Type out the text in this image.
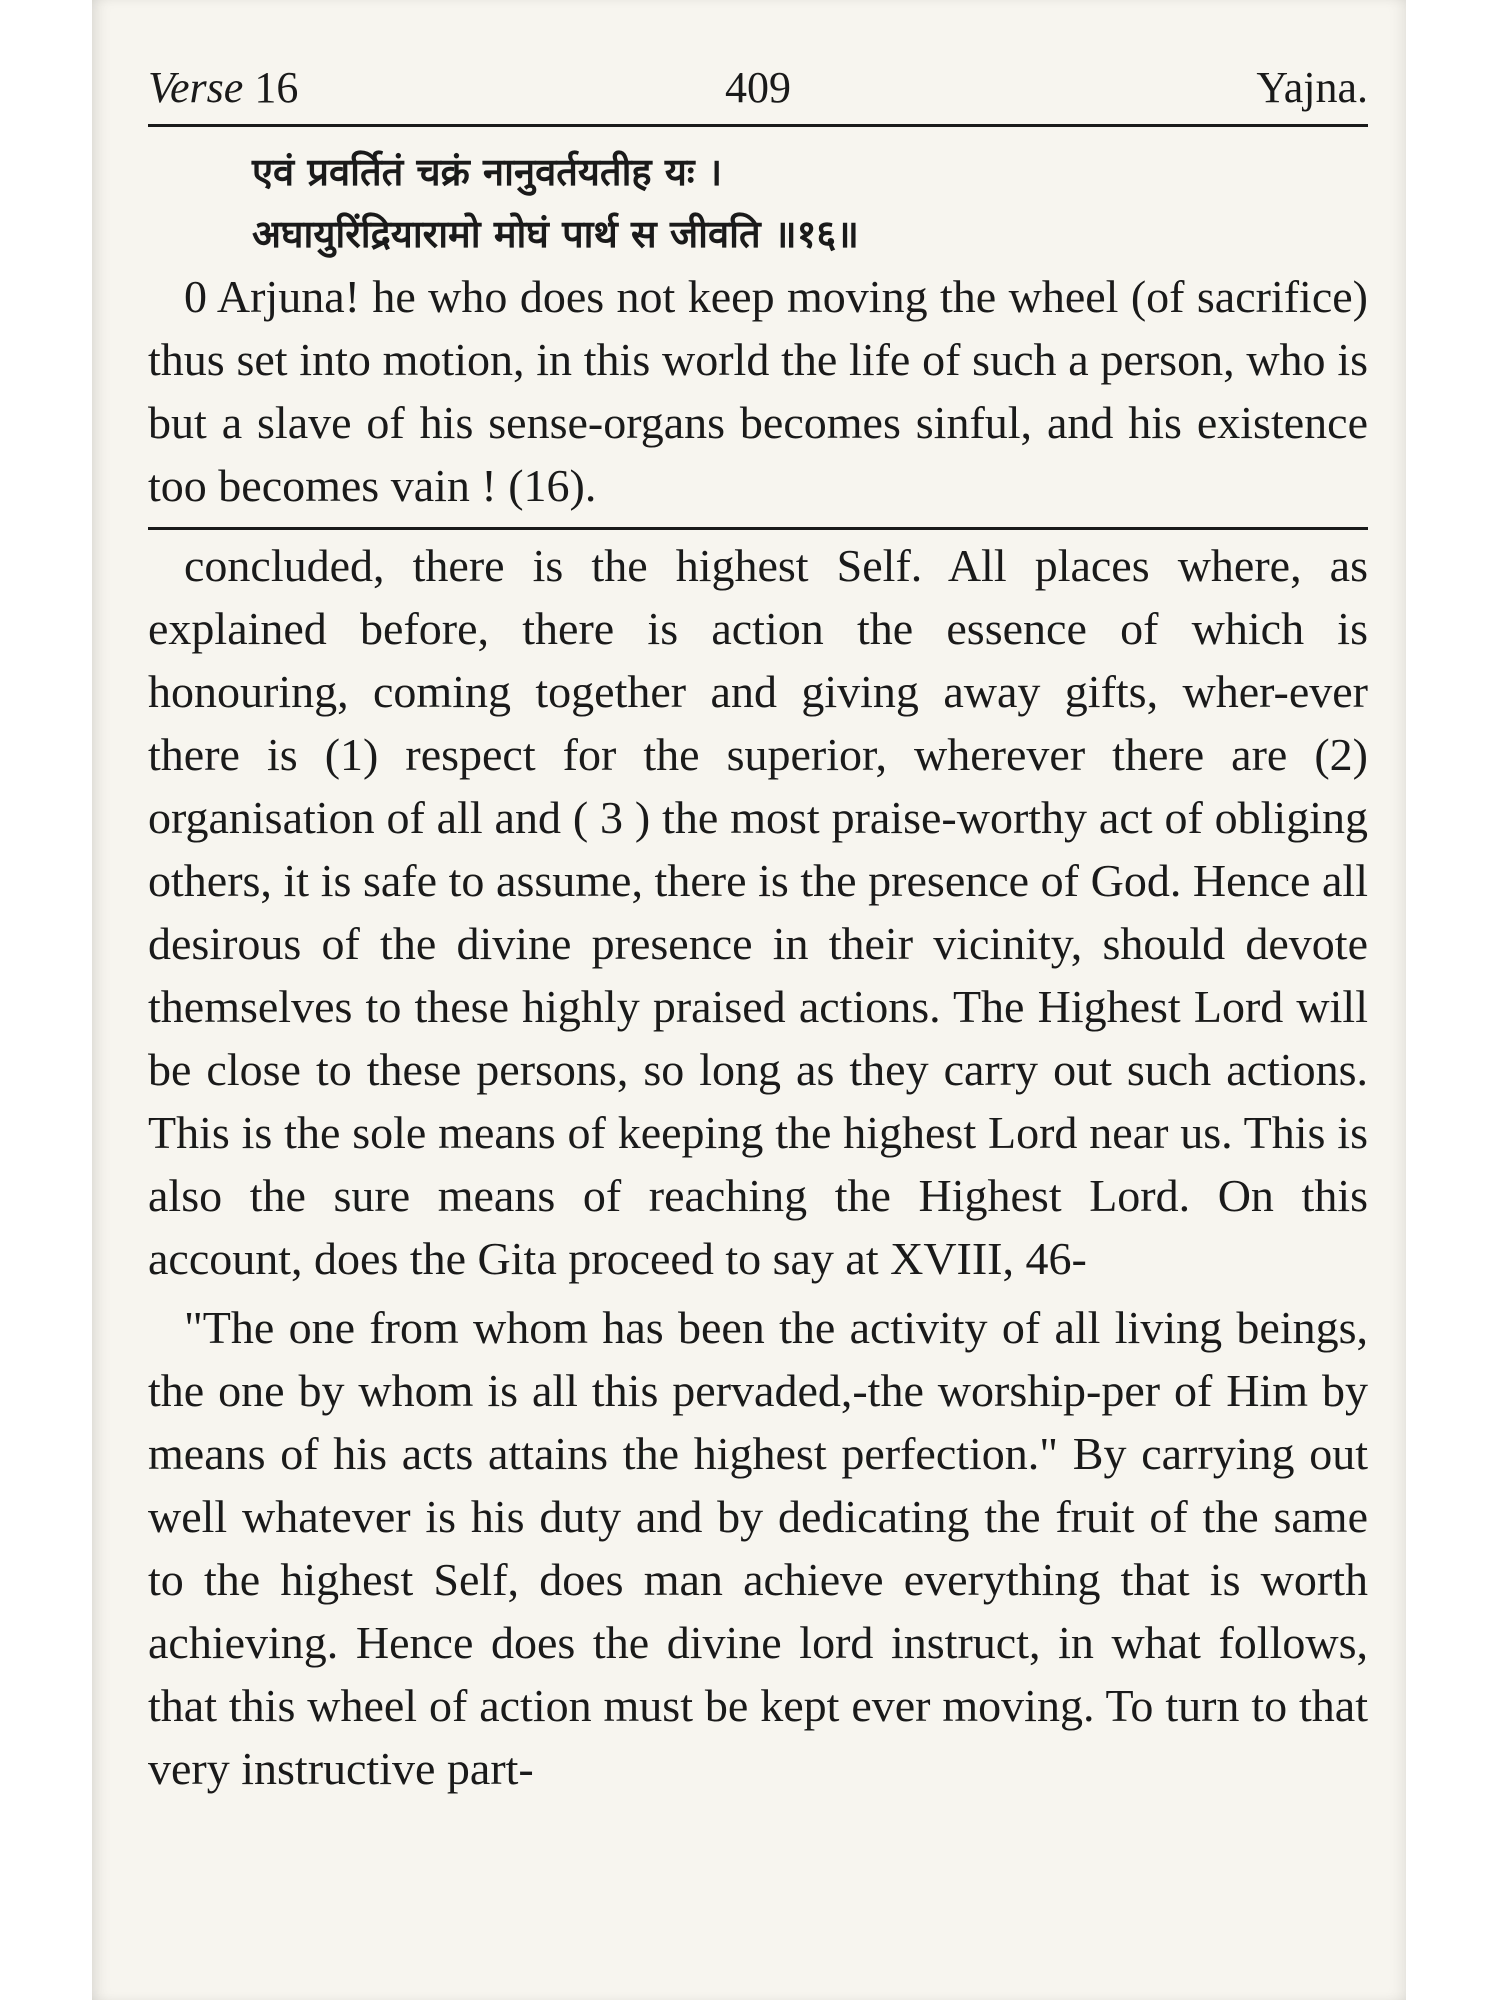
Verse 16	409	Yajna.
एवं प्रवर्तितं चक्रं नानुवर्तयतीह यः ।
अघायुरिंद्रियारामो मोघं पार्थ स जीवति ॥१६॥

0 Arjuna! he who does not keep moving the wheel (of sacrifice) thus set into motion, in this world the life of such a person, who is but a slave of his sense-organs becomes sinful, and his existence too becomes vain ! (16).

concluded, there is the highest Self. All places where, as explained before, there is action the essence of which is honouring, coming together and giving away gifts, wher-ever there is (1) respect for the superior, wherever there are (2) organisation of all and ( 3 ) the most praise-worthy act of obliging others, it is safe to assume, there is the presence of God. Hence all desirous of the divine presence in their vicinity, should devote themselves to these highly praised actions. The Highest Lord will be close to these persons, so long as they carry out such actions. This is the sole means of keeping the highest Lord near us. This is also the sure means of reaching the Highest Lord. On this account, does the Gita proceed to say at XVIII, 46-

"The one from whom has been the activity of all living beings, the one by whom is all this pervaded,-the worship-per of Him by means of his acts attains the highest perfection." By carrying out well whatever is his duty and by dedicating the fruit of the same to the highest Self, does man achieve everything that is worth achieving. Hence does the divine lord instruct, in what follows, that this wheel of action must be kept ever moving. To turn to that very instructive part-
